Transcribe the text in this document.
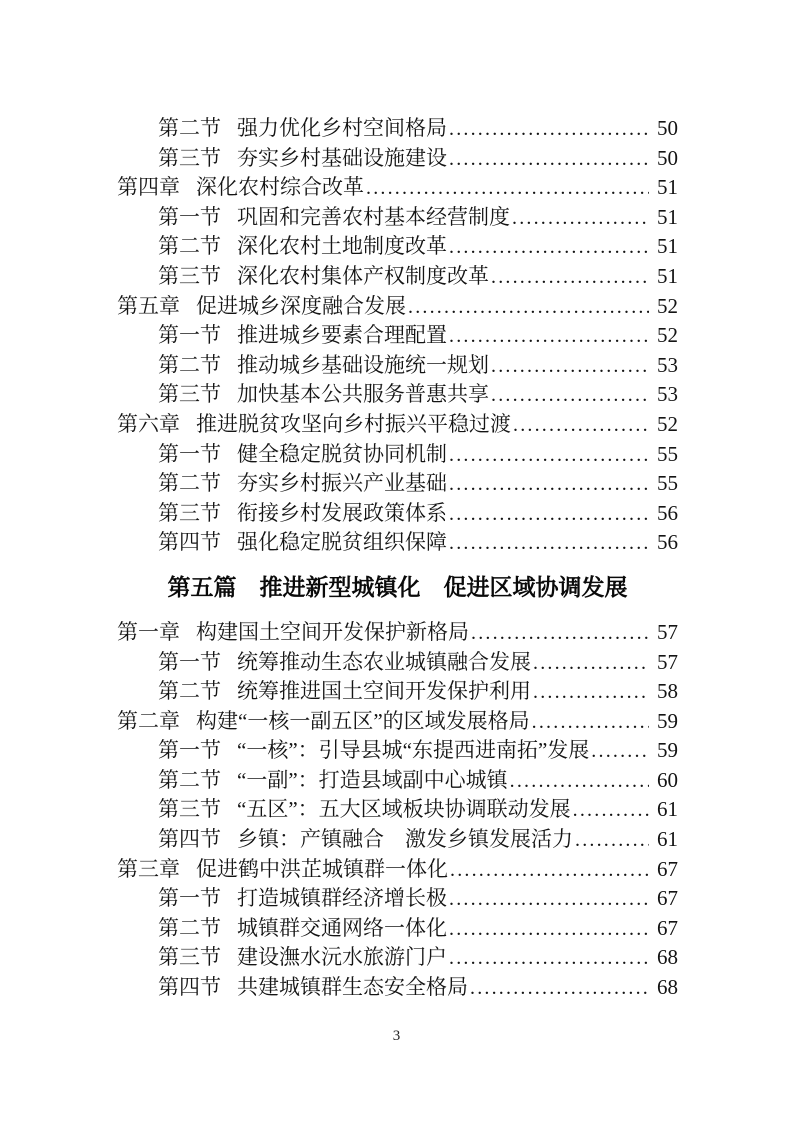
第二节 强力优化乡村空间格局 .....	50
第三节 夯实乡村基础设施建设 .....	50
第四章 深化农村综合改革 .....	51
第一节 巩固和完善农村基本经营制度 .....	51
第二节 深化农村土地制度改革 .....	51
第三节 深化农村集体产权制度改革 .....	51
第五章 促进城乡深度融合发展 .....	52
第一节 推进城乡要素合理配置 .....	52
第二节 推动城乡基础设施统一规划 .....	53
第三节 加快基本公共服务普惠共享 .....	53
第六章 推进脱贫攻坚向乡村振兴平稳过渡 .....	52
第一节 健全稳定脱贫协同机制 .....	55
第二节 夯实乡村振兴产业基础 .....	55
第三节 衔接乡村发展政策体系 .....	56
第四节 强化稳定脱贫组织保障 .....	56
第五篇　推进新型城镇化　促进区域协调发展
第一章 构建国土空间开发保护新格局 .....	57
第一节 统筹推动生态农业城镇融合发展 .....	57
第二节 统筹推进国土空间开发保护利用 .....	58
第二章 构建“一核一副五区”的区域发展格局 .....	59
第一节 “一核”：引导县城“东提西进南拓”发展 .....	59
第二节 “一副”：打造县域副中心城镇 .....	60
第三节 “五区”：五大区域板块协调联动发展 .....	61
第四节 乡镇：产镇融合　激发乡镇发展活力 .....	61
第三章 促进鹤中洪芷城镇群一体化 .....	67
第一节 打造城镇群经济增长极 .....	67
第二节 城镇群交通网络一体化 .....	67
第三节 建设潕水沅水旅游门户 .....	68
第四节 共建城镇群生态安全格局 .....	68
3
